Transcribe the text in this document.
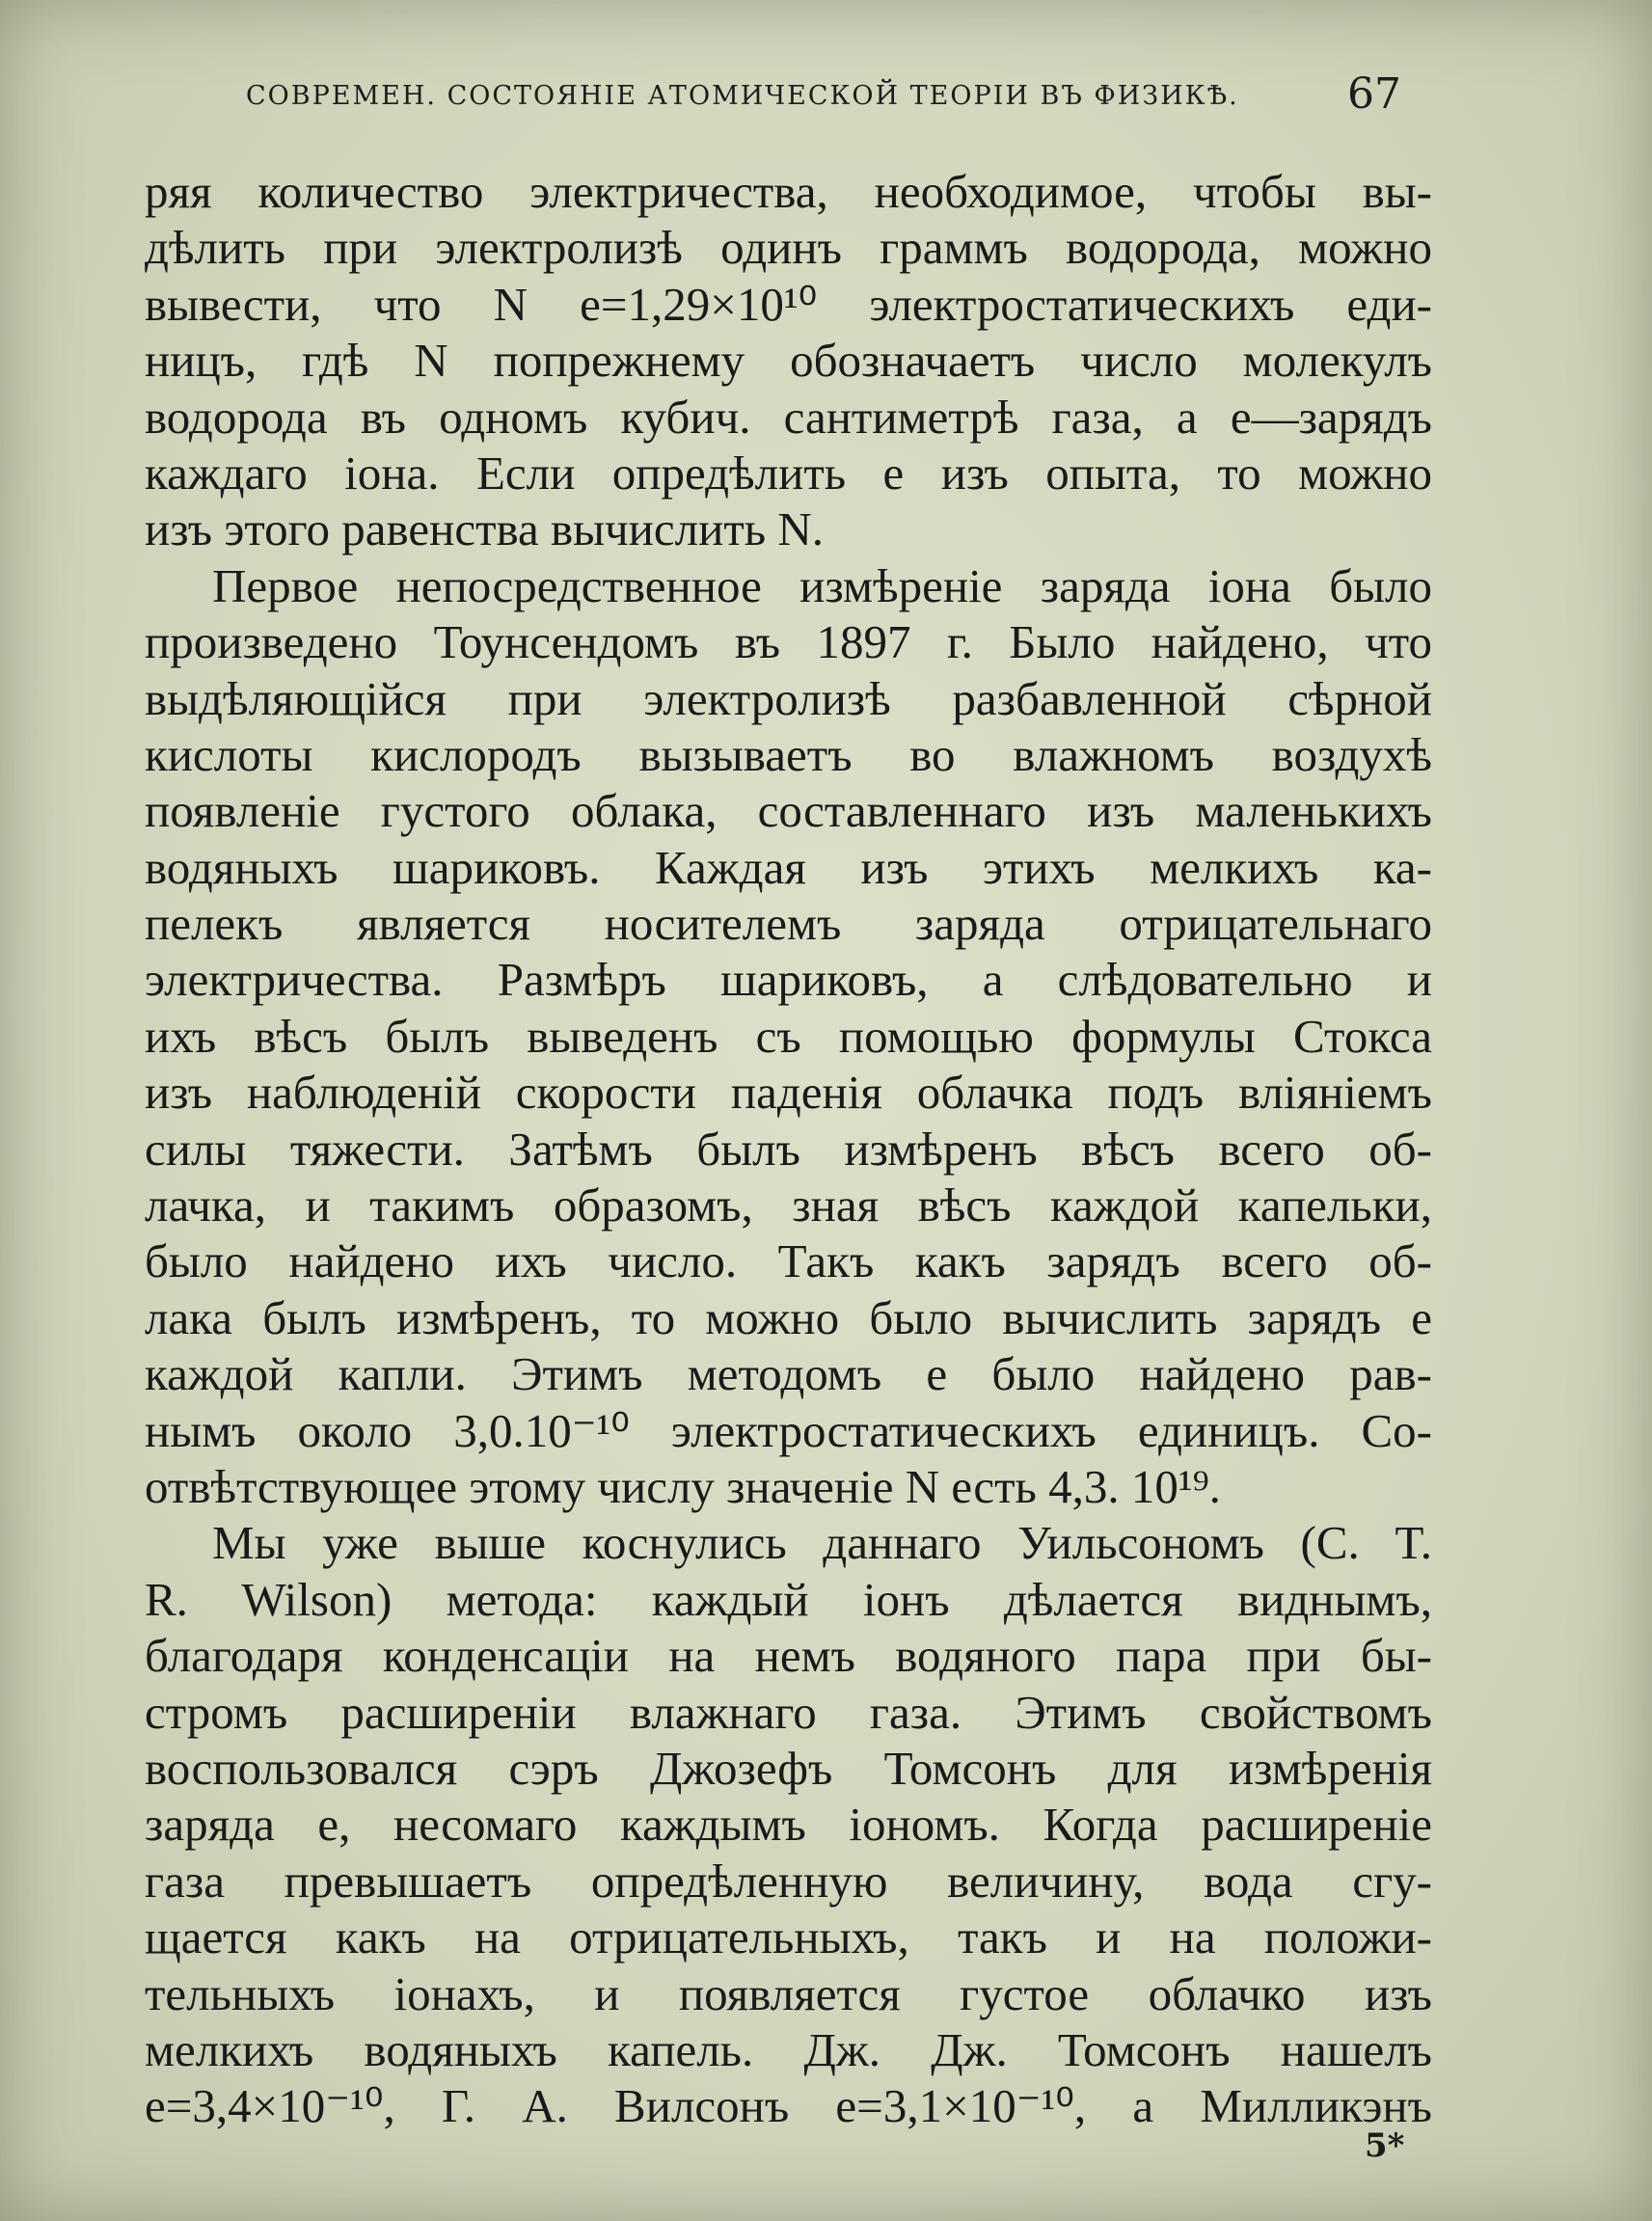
СОВРЕМЕН. СОСТОЯНІЕ АТОМИЧЕСКОЙ ТЕОРІИ ВЪ ФИЗИКѢ.	67
ряя количество электричества, необходимое, чтобы вы-
дѣлить при электролизѣ одинъ граммъ водорода, можно
вывести, что N e=1,29×10¹⁰ электростатическихъ еди-
ницъ, гдѣ N попрежнему обозначаетъ число молекулъ
водорода въ одномъ кубич. сантиметрѣ газа, а e—зарядъ
каждаго іона. Если опредѣлить e изъ опыта, то можно
изъ этого равенства вычислить N.
Первое непосредственное измѣреніе заряда іона было
произведено Тоунсендомъ въ 1897 г. Было найдено, что
выдѣляющійся при электролизѣ разбавленной сѣрной
кислоты кислородъ вызываетъ во влажномъ воздухѣ
появленіе густого облака, составленнаго изъ маленькихъ
водяныхъ шариковъ. Каждая изъ этихъ мелкихъ ка-
пелекъ является носителемъ заряда отрицательнаго
электричества. Размѣръ шариковъ, а слѣдовательно и
ихъ вѣсъ былъ выведенъ съ помощью формулы Стокса
изъ наблюденій скорости паденія облачка подъ вліяніемъ
силы тяжести. Затѣмъ былъ измѣренъ вѣсъ всего об-
лачка, и такимъ образомъ, зная вѣсъ каждой капельки,
было найдено ихъ число. Такъ какъ зарядъ всего об-
лака былъ измѣренъ, то можно было вычислить зарядъ e
каждой капли. Этимъ методомъ e было найдено рав-
нымъ около 3,0.10⁻¹⁰ электростатическихъ единицъ. Со-
отвѣтствующее этому числу значеніе N есть 4,3. 10¹⁹.
Мы уже выше коснулись даннаго Уильсономъ (C. T.
R. Wilson) метода: каждый іонъ дѣлается виднымъ,
благодаря конденсаціи на немъ водяного пара при бы-
стромъ расширеніи влажнаго газа. Этимъ свойствомъ
воспользовался сэръ Джозефъ Томсонъ для измѣренія
заряда e, несомаго каждымъ іономъ. Когда расширеніе
газа превышаетъ опредѣленную величину, вода сгу-
щается какъ на отрицательныхъ, такъ и на положи-
тельныхъ іонахъ, и появляется густое облачко изъ
мелкихъ водяныхъ капель. Дж. Дж. Томсонъ нашелъ
e=3,4×10⁻¹⁰, Г. А. Вилсонъ e=3,1×10⁻¹⁰, а Милликэнъ
5*
